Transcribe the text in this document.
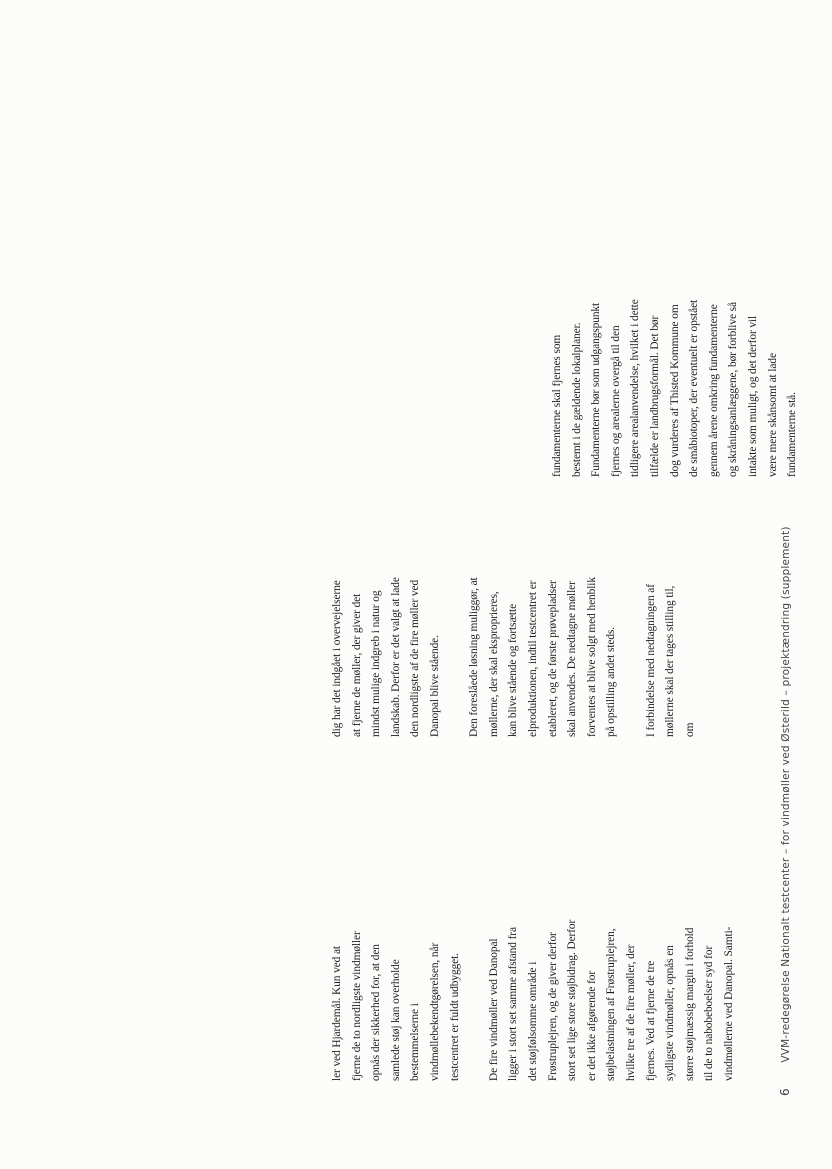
ler ved Hjardemål. Kun ved at fjerne de to nordligste vindmøller opnås der sikkerhed for, at den samlede støj kan overholde bestemmelserne i vindmøllebekendtgørelsen, når testcentret er fuldt udbygget.	De fire vindmøller ved Danopal ligger i stort set samme afstand fra det støjfølsomme område i Frøstruplejren, og de giver derfor stort set lige store støjbidrag. Derfor er det ikke afgørende for støjbelastningen af Frøstruplejren, hvilke tre af de fire møller, der fjernes. Ved at fjerne de tre sydligste vindmøller, opnås en større støjmæssig margin i forhold til de to nabobeboelser syd for vindmøllerne ved Danopal. Samti-

dig har det indgået i overvejelserne at fjerne de møller, der giver det mindst mulige indgreb i natur og landskab. Derfor er det valgt at lade den nordligste af de fire møller ved Danopal blive stående.	Den foreslåede løsning muliggør, at møllerne, der skal eksproprieres, kan blive stående og fortsætte elproduktionen, indtil testcentret er etableret, og de første prøvepladser skal anvendes. De nedtagne møller forventes at blive solgt med henblik på opstilling andet steds.	I forbindelse med nedtagningen af møllerne skal der tages stilling til, om

fundamenterne skal fjernes som bestemt i de gældende lokalplaner. Fundamenterne bør som udgangspunkt fjernes og arealerne overgå til den tidligere arealanvendelse, hvilket i dette tilfælde er landbrugsformål. Det bør dog vurderes af Thisted Kommune om de småbiotoper, der eventuelt er opstået gennem årene omkring fundamenterne og skråningsanlæggene, bør forblive så intakte som muligt, og det derfor vil være mere skånsomt at lade fundamenterne stå.

6 VVM-redegørelse Nationalt testcenter – for vindmøller ved Østerild – projektændring (supplement)
